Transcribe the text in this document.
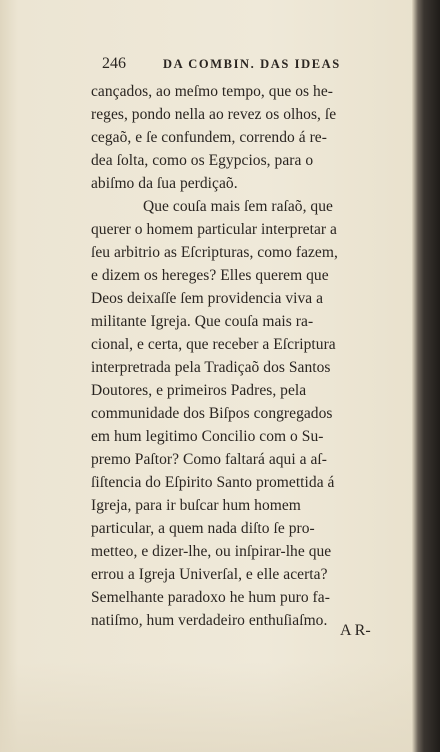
246	DA COMBIN. DAS IDEAS
cançados, ao meſmo tempo, que os he-
reges, pondo nella ao revez os olhos, ſe
cegaõ, e ſe confundem, correndo á re-
dea ſolta, como os Egypcios, para o
abiſmo da ſua perdiçaõ.
Que couſa mais ſem raſaõ, que
querer o homem particular interpretar a
ſeu arbitrio as Eſcripturas, como fazem,
e dizem os hereges? Elles querem que
Deos deixaſſe ſem providencia viva a
militante Igreja. Que couſa mais ra-
cional, e certa, que receber a Eſcriptura
interpretrada pela Tradiçaõ dos Santos
Doutores, e primeiros Padres, pela
communidade dos Biſpos congregados
em hum legitimo Concilio com o Su-
premo Paſtor? Como faltará aqui a aſ-
ſiſtencia do Eſpirito Santo promettida á
Igreja, para ir buſcar hum homem
particular, a quem nada diſto ſe pro-
metteo, e dizer-lhe, ou inſpirar-lhe que
errou a Igreja Univerſal, e elle acerta?
Semelhante paradoxo he hum puro fa-
natiſmo, hum verdadeiro enthuſiaſmo.
A R-
